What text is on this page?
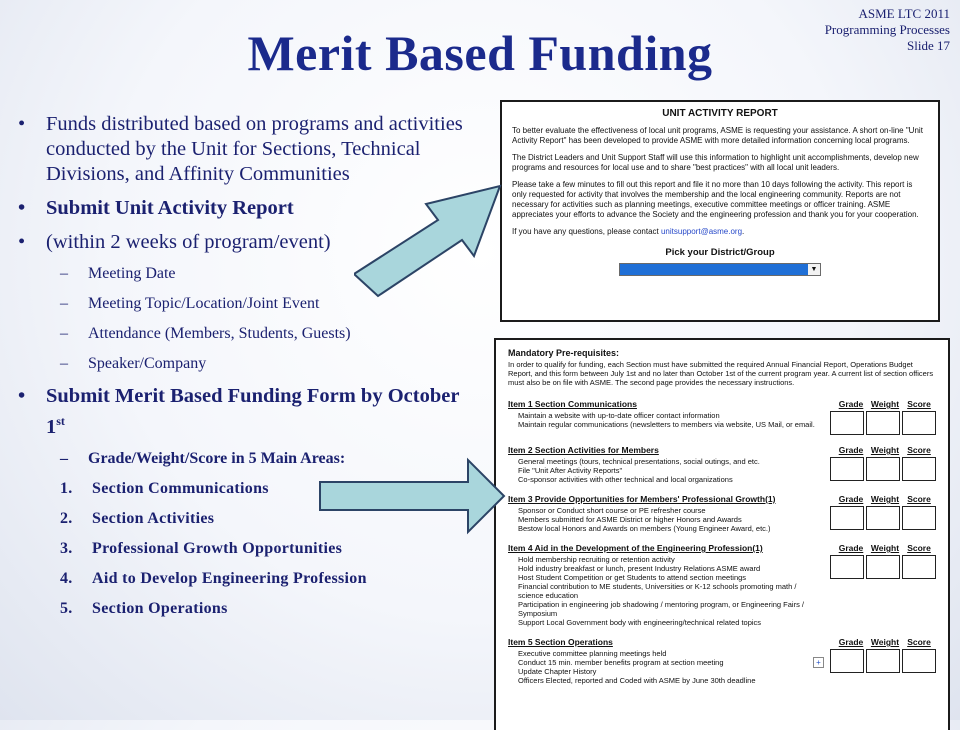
ASME LTC 2011
Programming Processes
Slide 17
Merit Based Funding
• Funds distributed based on programs and activities conducted by the Unit for Sections, Technical Divisions, and Affinity Communities
• Submit Unit Activity Report
• (within 2 weeks of program/event)
– Meeting Date
– Meeting Topic/Location/Joint Event
– Attendance (Members, Students, Guests)
– Speaker/Company
• Submit Merit Based Funding Form by October 1st
– Grade/Weight/Score in 5 Main Areas:
1. Section Communications
2. Section Activities
3. Professional Growth Opportunities
4. Aid to Develop Engineering Profession
5. Section Operations
UNIT ACTIVITY REPORT
To better evaluate the effectiveness of local unit programs, ASME is requesting your assistance. A short on-line "Unit Activity Report" has been developed to provide ASME with more detailed information concerning local programs.
The District Leaders and Unit Support Staff will use this information to highlight unit accomplishments, develop new programs and resources for local use and to share "best practices" with all local unit leaders.
Please take a few minutes to fill out this report and file it no more than 10 days following the activity. This report is only requested for activity that involves the membership and the local engineering community. Reports are not necessary for activities such as planning meetings, executive committee meetings or officer training. ASME appreciates your efforts to advance the Society and the engineering profession and thank you for your cooperation.
If you have any questions, please contact unitsupport@asme.org.
Pick your District/Group
▼
Mandatory Pre-requisites:
In order to qualify for funding, each Section must have submitted the required Annual Financial Report, Operations Budget Report, and this form between July 1st and no later than October 1st of the current program year. A current list of section officers must also be on file with ASME. The second page provides the necessary instructions.
Item 1 Section Communications	Grade Weight Score
Maintain a website with up-to-date officer contact information
Maintain regular communications (newsletters to members via website, US Mail, or email.
Item 2 Section Activities for Members	Grade Weight Score
General meetings (tours, technical presentations, social outings, and etc.
File "Unit After Activity Reports"
Co-sponsor activities with other technical and local organizations
Item 3 Provide Opportunities for Members' Professional Growth(1)	Grade Weight Score
Sponsor or Conduct short course or PE refresher course
Members submitted for ASME District or higher Honors and Awards
Bestow local Honors and Awards on members (Young Engineer Award, etc.)
Item 4 Aid in the Development of the Engineering Profession(1)	Grade Weight Score
Hold membership recruiting or retention activity
Hold industry breakfast or lunch, present Industry Relations ASME award
Host Student Competition or get Students to attend section meetings
Financial contribution to ME students, Universities or K-12 schools promoting math / science education
Participation in engineering job shadowing / mentoring program, or Engineering Fairs / Symposium
Support Local Government body with engineering/technical related topics
Item 5 Section Operations	Grade Weight Score
Executive committee planning meetings held
Conduct 15 min. member benefits program at section meeting
Update Chapter History
Officers Elected, reported and Coded with ASME by June 30th deadline
+
